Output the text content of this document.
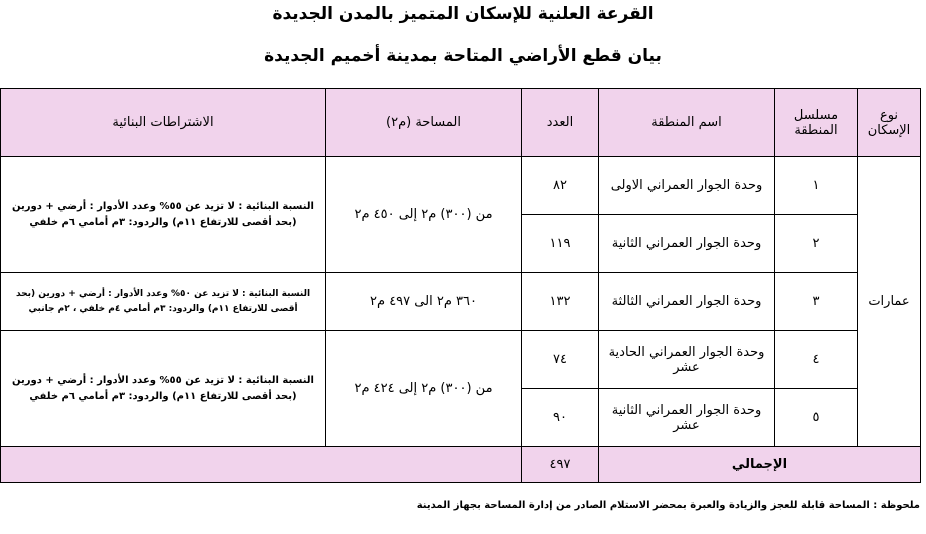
القرعة العلنية للإسكان المتميز بالمدن الجديدة
بيان قطع الأراضي المتاحة بمدينة أخميم الجديدة
نوع الإسكان	مسلسل المنطقة	اسم المنطقة	العدد	المساحة (م٢)	الاشتراطات البنائية
عمارات	١	وحدة الجوار العمراني الاولى	٨٢	من (٣٠٠) م٢ إلى ٤٥٠ م٢	النسبة البنائية : لا تزيد عن ٥٥% وعدد الأدوار : أرضي + دورين (بحد أقصى للارتفاع ١١م) والردود: ٣م أمامي ٦م خلفي
	٢	وحدة الجوار العمراني الثانية	١١٩		
	٣	وحدة الجوار العمراني الثالثة	١٣٢	٣٦٠ م٢ الى ٤٩٧ م٢	النسبة البنائية : لا تزيد عن ٥٠% وعدد الأدوار : أرضي + دورين (بحد أقصى للارتفاع ١١م) والردود: ٣م أمامي ٤م خلفي ، ٢م جانبي
	٤	وحدة الجوار العمراني الحادية عشر	٧٤	من (٣٠٠) م٢ إلى ٤٢٤ م٢	النسبة البنائية : لا تزيد عن ٥٥% وعدد الأدوار : أرضي + دورين (بحد أقصى للارتفاع ١١م) والردود: ٣م أمامي ٦م خلفي
	٥	وحدة الجوار العمراني الثانية عشر	٩٠		
الإجمالي			٤٩٧		
ملحوظة : المساحة قابلة للعجز والزيادة والعبرة بمحضر الاستلام الصادر من إدارة المساحة بجهاز المدينة
